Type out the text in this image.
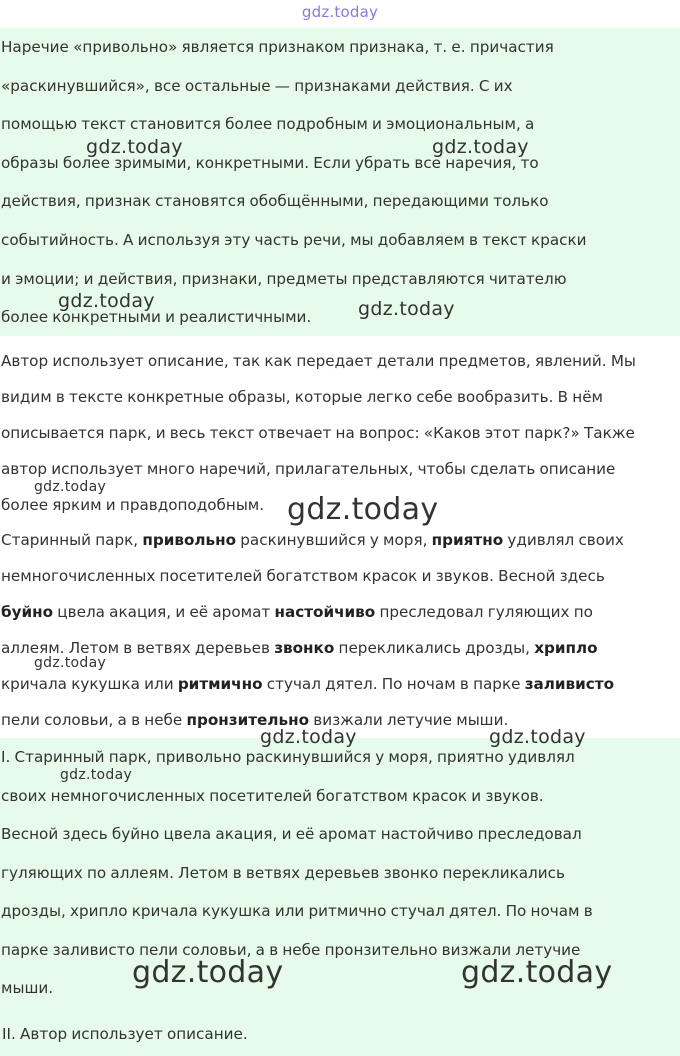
gdz.today

Наречие «привольно» является признаком признака, т. е. причастия

«раскинувшийся», все остальные — признаками действия. С их

помощью текст становится более подробным и эмоциональным, а

образы более зримыми, конкретными. Если убрать все наречия, то

действия, признак становятся обобщёнными, передающими только

событийность. А используя эту часть речи, мы добавляем в текст краски

и эмоции; и действия, признаки, предметы представляются читателю

более конкретными и реалистичными.

Автор использует описание, так как передает детали предметов, явлений. Мы

видим в тексте конкретные образы, которые легко себе вообразить. В нём

описывается парк, и весь текст отвечает на вопрос: «Каков этот парк?» Также

автор использует много наречий, прилагательных, чтобы сделать описание

более ярким и правдоподобным.

Старинный парк, привольно раскинувшийся у моря, приятно удивлял своих

немногочисленных посетителей богатством красок и звуков. Весной здесь

буйно цвела акация, и её аромат настойчиво преследовал гуляющих по

аллеям. Летом в ветвях деревьев звонко перекликались дрозды, хрипло

кричала кукушка или ритмично стучал дятел. По ночам в парке заливисто

пели соловьи, а в небе пронзительно визжали летучие мыши.

I. Старинный парк, привольно раскинувшийся у моря, приятно удивлял

своих немногочисленных посетителей богатством красок и звуков.

Весной здесь буйно цвела акация, и её аромат настойчиво преследовал

гуляющих по аллеям. Летом в ветвях деревьев звонко перекликались

дрозды, хрипло кричала кукушка или ритмично стучал дятел. По ночам в

парке заливисто пели соловьи, а в небе пронзительно визжали летучие

мыши.

II. Автор использует описание.

gdz.today	gdz.today
gdz.today	gdz.today
gdz.today
gdz.today
gdz.today
gdz.today	gdz.today
gdz.today
gdz.today	gdz.today
